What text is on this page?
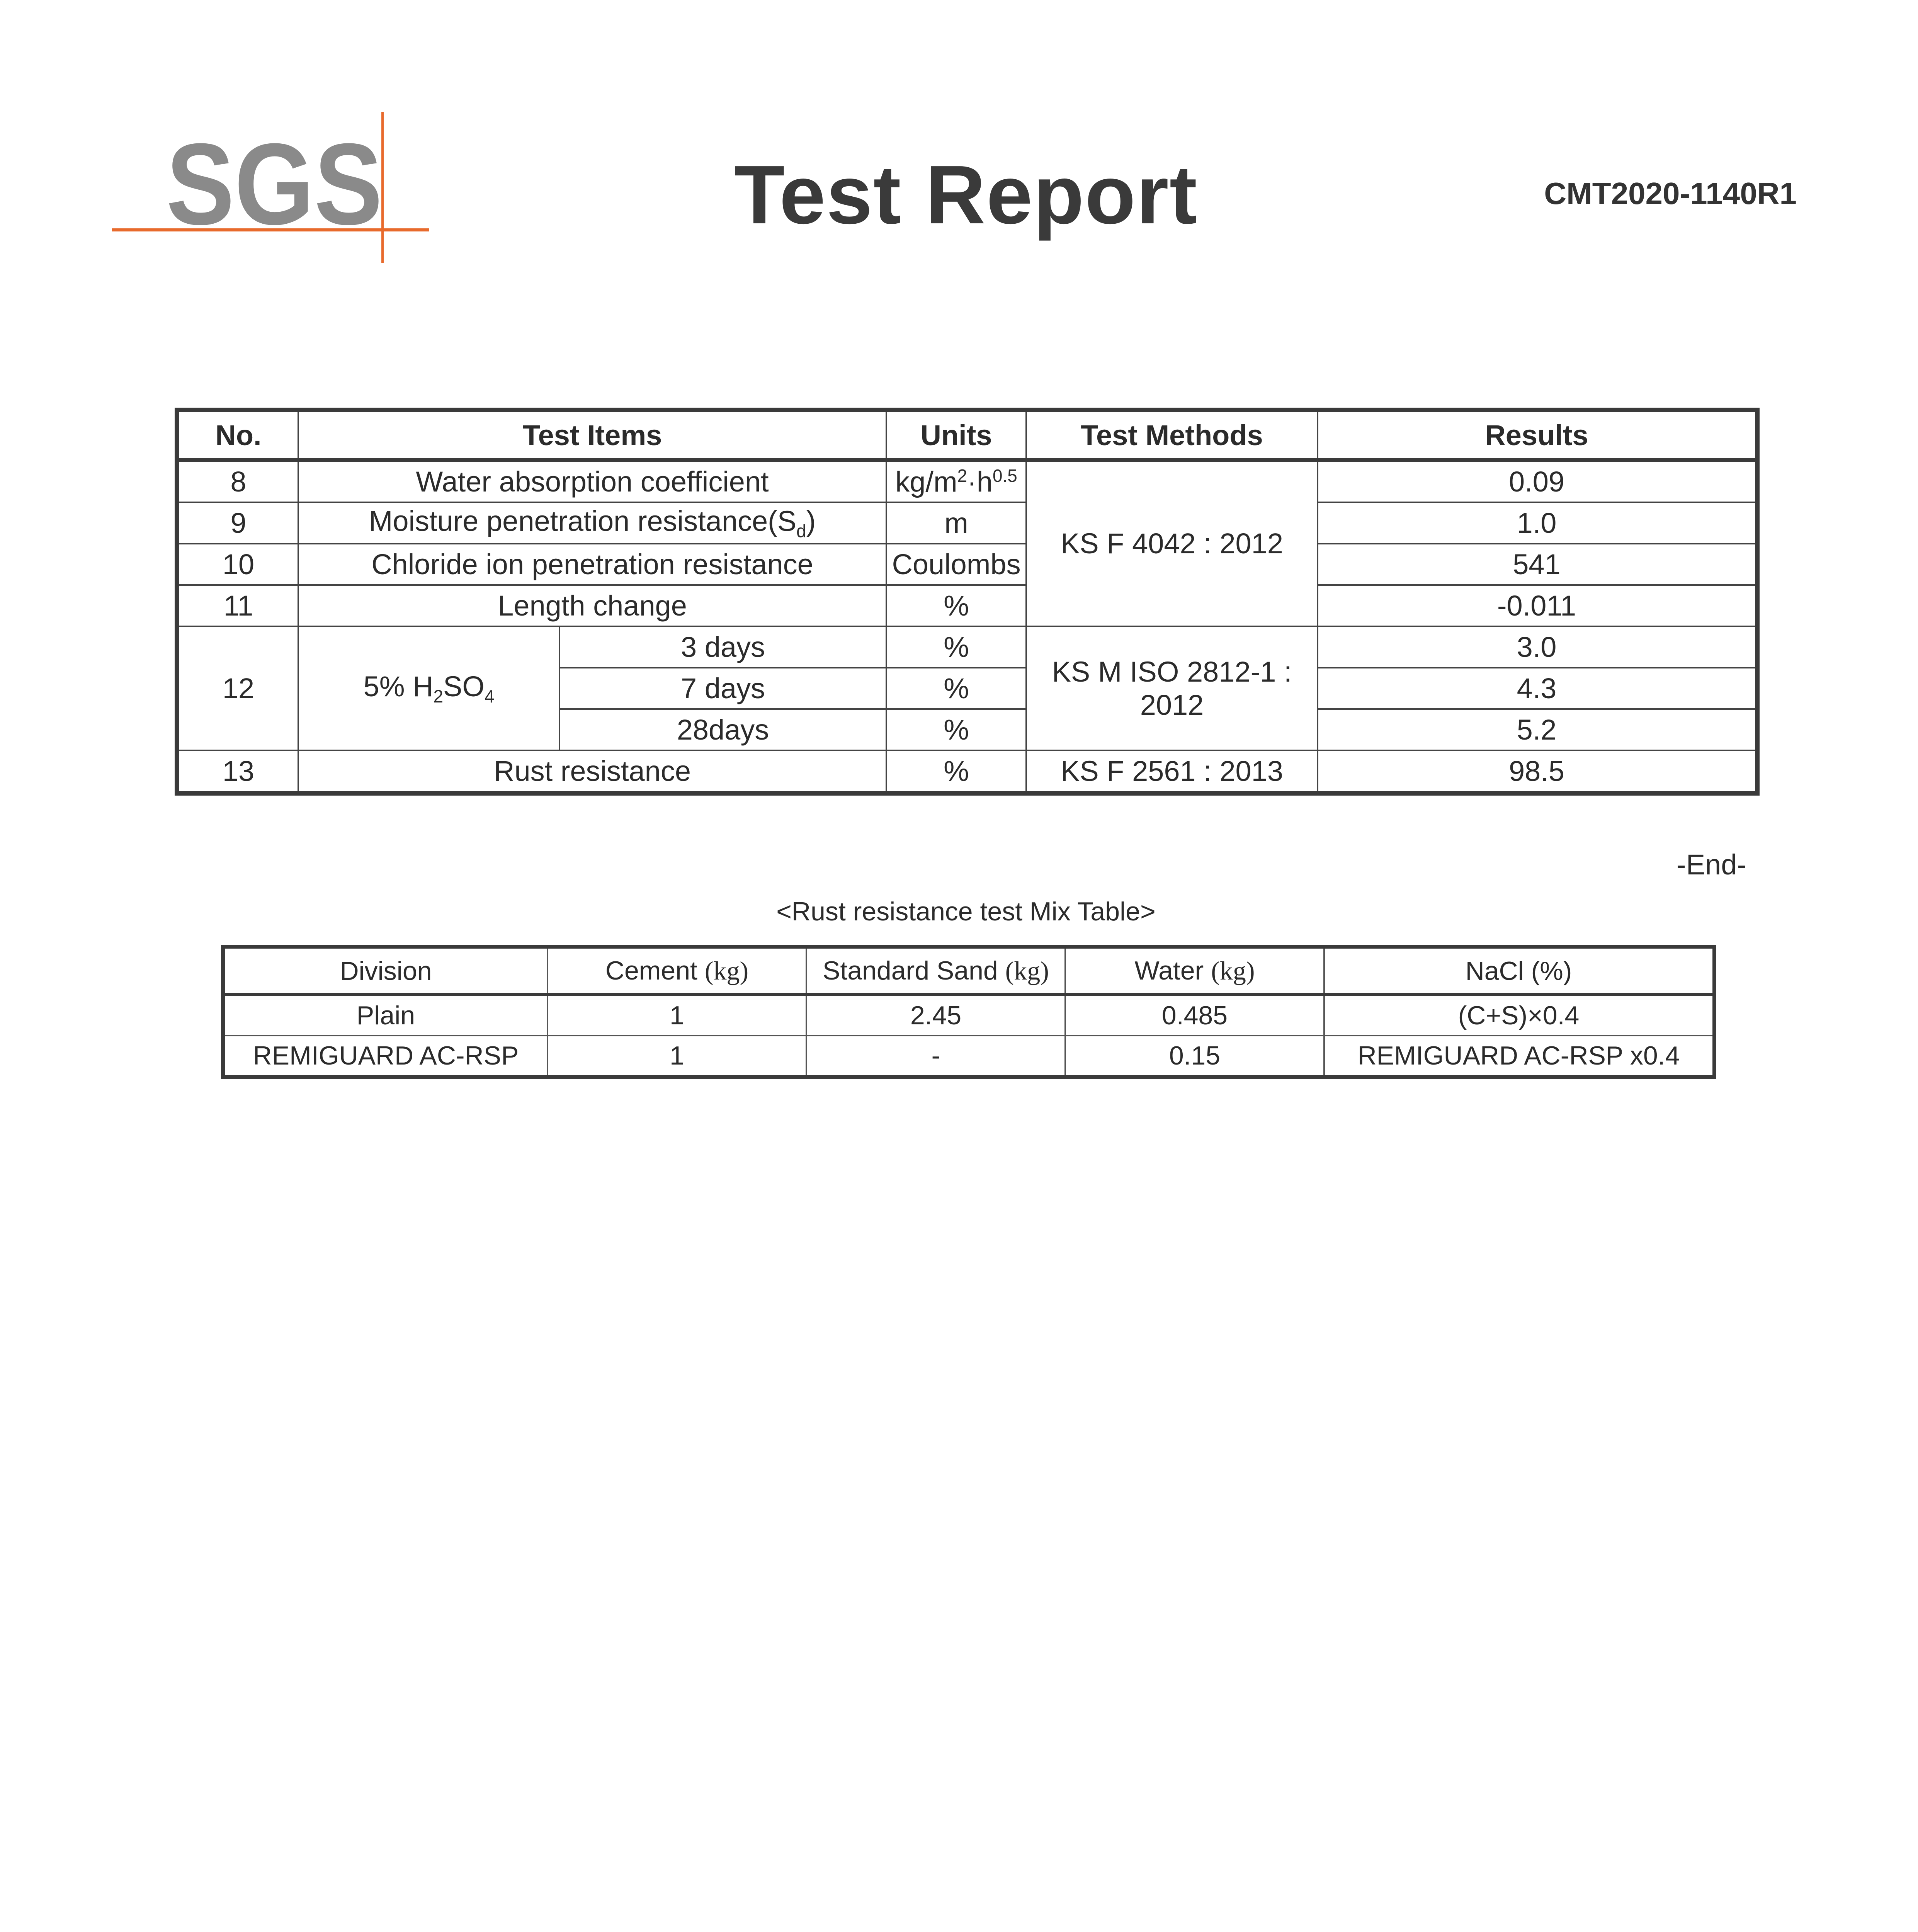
SGS	Test Report	CMT2020-1140R1
No.	Test Items		Units	Test Methods	Results
8	Water absorption coefficient		$kg/m^2\cdot h^{0.5}$	KS F 4042 : 2012	0.09
9	Moisture penetration $resistance(S_d)$		m		1.0
10	Chloride ion penetration resistance		Coulombs		541
11	Length change		%		-0.011
12	5% $H_2SO_4$	3 days	%	KS M ISO 2812-1 : 2012	3.0
		7 days	%		4.3
		28days	%		5.2
13	Rust resistance		%	KS F 2561 : 2013	98.5
-End-
<Rust resistance test Mix Table>
Division	Cement (kg)	Standard Sand (kg)	Water (kg)	NaCl (%)
Plain	1	2.45	0.485	(C+S)×0.4
REMIGUARD AC-RSP	1	-	0.15	REMIGUARD AC-RSP x0.4
